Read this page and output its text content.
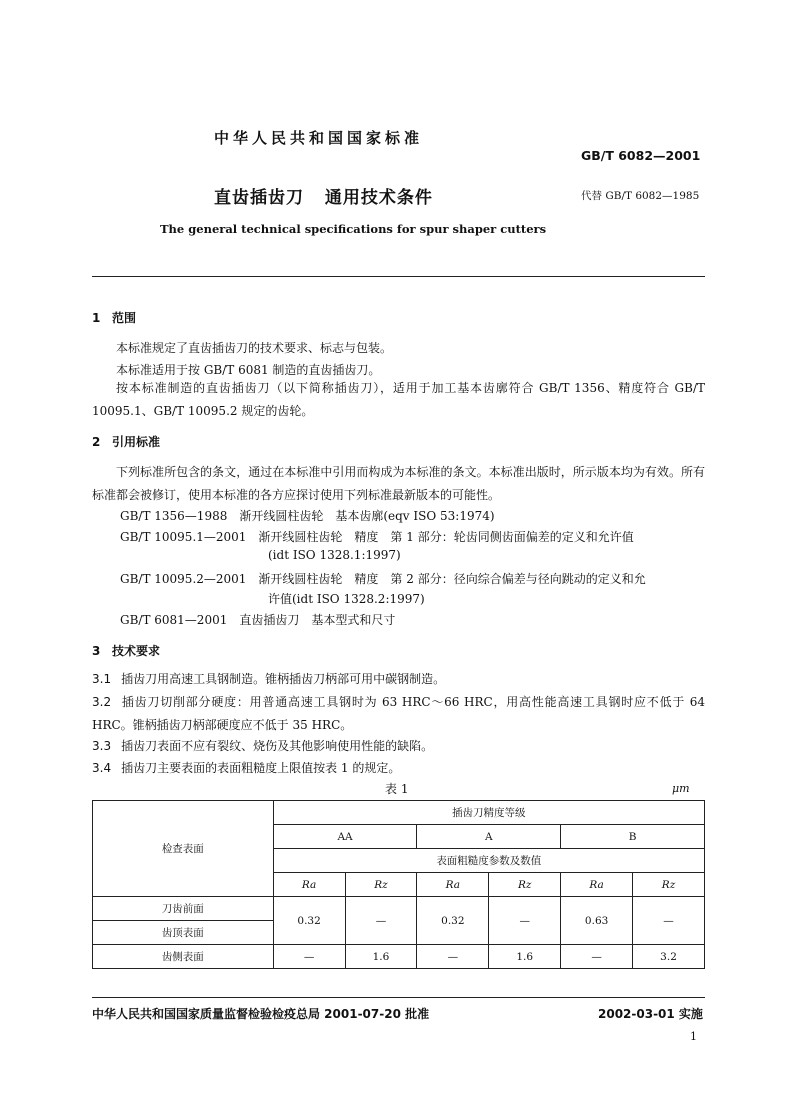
中华人民共和国国家标准
GB/T 6082—2001
直齿插齿刀 通用技术条件	代替 GB/T 6082—1985
The general technical specifications for spur shaper cutters
1 范围
本标准规定了直齿插齿刀的技术要求、标志与包装。
本标准适用于按 GB/T 6081 制造的直齿插齿刀。
按本标准制造的直齿插齿刀（以下简称插齿刀），适用于加工基本齿廓符合 GB/T 1356、精度符合 GB/T 10095.1、GB/T 10095.2 规定的齿轮。
2 引用标准
下列标准所包含的条文，通过在本标准中引用而构成为本标准的条文。本标准出版时，所示版本均为有效。所有标准都会被修订，使用本标准的各方应探讨使用下列标准最新版本的可能性。
GB/T 1356—1988　渐开线圆柱齿轮　基本齿廓(eqv ISO 53:1974)
GB/T 10095.1—2001　渐开线圆柱齿轮　精度　第 1 部分：轮齿同侧齿面偏差的定义和允许值
(idt ISO 1328.1:1997)
GB/T 10095.2—2001　渐开线圆柱齿轮　精度　第 2 部分：径向综合偏差与径向跳动的定义和允
许值(idt ISO 1328.2:1997)
GB/T 6081—2001　直齿插齿刀　基本型式和尺寸
3 技术要求
3.1 插齿刀用高速工具钢制造。锥柄插齿刀柄部可用中碳钢制造。
3.2 插齿刀切削部分硬度：用普通高速工具钢时为 63 HRC～66 HRC，用高性能高速工具钢时应不低于 64 HRC。锥柄插齿刀柄部硬度应不低于 35 HRC。
3.3 插齿刀表面不应有裂纹、烧伤及其他影响使用性能的缺陷。
3.4 插齿刀主要表面的表面粗糙度上限值按表 1 的规定。
表 1	μm
检查表面	插齿刀精度等级					
	AA		A		B	
	表面粗糙度参数及数值					
	Ra	Rz	Ra	Rz	Ra	Rz
刀齿前面	0.32	—	0.32	—	0.63	—
齿顶表面						
齿侧表面	—	1.6	—	1.6	—	3.2
中华人民共和国国家质量监督检验检疫总局 2001-07-20 批准	2002-03-01 实施
1
